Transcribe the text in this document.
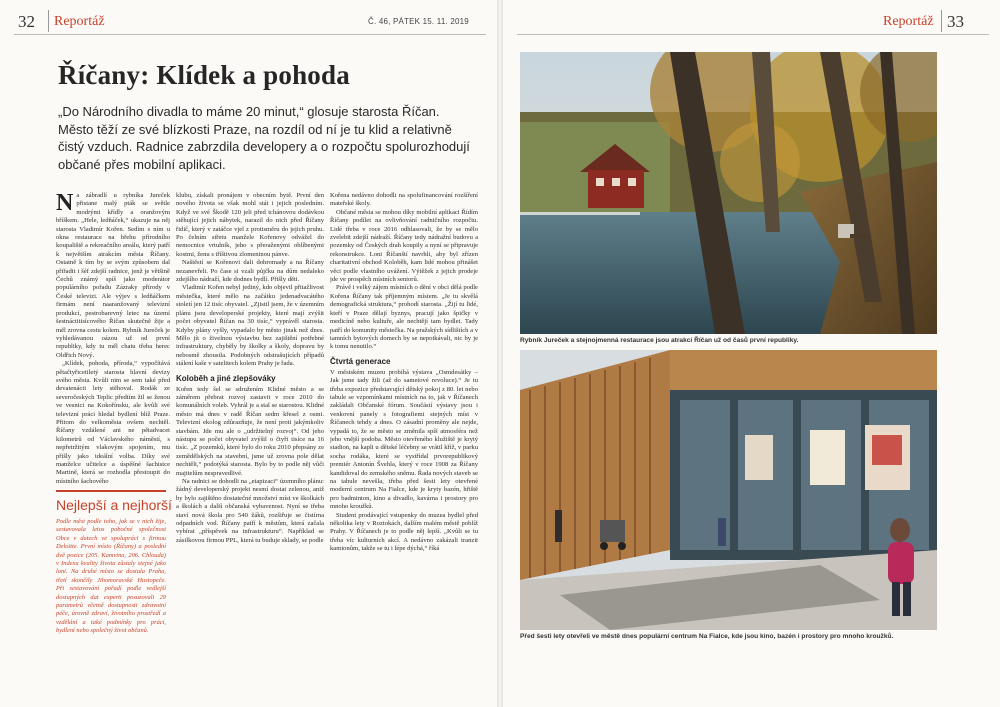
32 Reportáž	Č. 46, PÁTEK 15. 11. 2019
Říčany: Klídek a pohoda

„Do Národního divadla to máme 20 minut,“ glosuje starosta Říčan. Město těží ze své blízkosti Praze, na rozdíl od ní je tu klid a relativně čistý vzduch. Radnice zabrzdila developery a o rozpočtu spolurozhodují občané přes mobilní aplikaci.

Na zábradlí u rybníka Jureček přistane malý pták se světle modrými křídly a oranžovým bříškem. „Hele, ledňáček,“ ukazuje na něj starosta Vladimír Kořen. Sedím s ním u okna restaurace na břehu přírodního koupaliště a rekreačního areálu, který patří k největším atrakcím města Říčany. Ostatně k tím by se svým způsobem dal přiřadit i šéf zdejší radnice, jenž je většině Čechů známý spíš jako moderátor populárního pořadu Zázraky přírody v České televizi. Ale výjev s ledňáčkem firmám není naaranžovaný televizní produkcí, pestrobarevný letec na území šestnáctitisícového Říčan skutečně žije a měl zrovna cestu kolem. Rybník Jureček je vyhledávanou oázou už od první republiky, kdy tu měl chatu třeba herec Oldřich Nový.

„Klídek, pohoda, příroda,“ vypočítává pětačtyřicetiletý starosta hlavní devizy svého města. Kvůli nim se sem také před devatenácti lety stěhoval. Rodák ze severočeských Teplic předtím žil se ženou ve vesnici na Kokořínsku, ale kvůli své televizní práci hledal bydlení blíž Praze. Přitom do velkoměsta ovšem nechtěl. Říčany vzdálené ani ne pětadvacet kilometrů od Václavského náměstí, s nepřetržitým vlakovým spojením, mu přišly jako ideální volba. Díky své manželce učitelce a úspěšné šachistce Martině, která se rozhodla přestoupit do místního šachového

Nejlepší a nejhorší
Podle měst podle toho, jak se v nich žije, sestavovala letos pobočné společnost Obce v datech ve spolupráci s firmou Deloitte. První místo (Říčany) a poslední dvě pozice (205. Kamvina, 206. Chlouda) v Indexu kvality života zůstaly stejné jako loni. Na druhé místo se dostala Praha, třetí skončily Jihomoravské Hustopeče. Při sestavování pořadí podle vedlejší dostupných dat experti posuzovali 29 parametrů včetně dostupnosti zdravotní péče, úrovně zdraví, životního prostředí a vzdělání a také podmínky pro práci, bydlení nebo společný život občanů.

klubu, získali pronájem v obecním bytě. První den nového života se však mohl stát i jejich posledním. Když ve své Škodě 120 jeli před tchánovou dodávkou stěhující jejich nábytek, narazil do nich před Říčany řidič, který v zatáčce vjel z protisměru do jejich pruhu. Po čelním střetu manžele Kořenovy odvážel do nemocnice vrtulník, jeho s přeraženými oblíbenými kostmi, ženu s tříštivou zlomeninou pánve.

Naštěstí se Kořenovi dali dohromady a na Říčany nezanevřeli. Po čase si vzali půjčku na dům nedaleko zdejšího nádraží, kde dodnes bydlí. Přišly děti.

Vladimír Kořen nebyl jediný, kdo objevil přitažlivost městečka, které mělo na začátku jedenadvacátého století jen 12 tisíc obyvatel. „Zjistil jsem, že v územním plánu jsou developerské projekty, které mají zvýšit počet obyvatel Říčan na 30 tisíc,“ vyprávěl starosta. Kdyby plány vyšly, vypadalo by město jinak než dnes. Mělo jít o živelnou výstavbu bez zajištění potřebné infrastruktury, chyběly by školky a školy, dopravu by nebosmě zhoustla. Podobných odstrašujících případů stálení kaše v satelitech kolem Prahy je řada.

Koloběh a jiné zlepšováky

Kořen tedy šel se sdružením Klidné město a se záměrem přebrat rozvoj zastavit v roce 2010 do komunálních voleb. Vyhrál je a stal se starostou. Klidné město má dnes v radě Říčan sedm křesel z osmi. Televizní ekolog zdůrazňuje, že není proti jakýmkoliv stavbám. Jde mu ale o „udržitelný rozvoj“. Od jeho nástupu se počet obyvatel zvýšil o čtyři tisíce na 16 tisíc. „Z pozemků, které bylo do roku 2010 přepsány ze zemědělských na stavební, jsme už zrovna pole dělat nechtěli,“ podotýká starosta. Bylo by to podle něj vůči majitelům nespravedlivé.

Na radnici se dohodli na „etapizaci“ územního plánu: žádný developerský projekt nesmí dostat zelenou, aniž by bylo zajištěno dostatečné množství míst ve školkách a školách a další občanská vybavenost. Nyní se třeba staví nová škola pro 540 žáků, rozšiřuje se čistírna odpadních vod. Říčany patří k městům, která začala vybírat „příspěvek na infrastrukturu“. Například se zásilkovou firmou PPL, která tu buduje sklady, se podle

Kořena nedávno dohodli na spolufinancování rozšíření mateřské školy.

Občané města se mohou díky mobilní aplikaci Řídím Říčany podílet na ovlivňování radničního rozpočtu. Lidé třeba v roce 2016 odhlasovali, že by se mělo zvelebit zdejší nádraží. Říčany tedy nádražní budovu a pozemky od Českých drah koupily a nyní se připravuje rekonstrukce. Loni Říčanští navrhli, aby byl zřízen charitativní obchod Koloběh, kam lidé mohou přinášet věci podle vlastního uvážení. Výtěžek z jejich prodeje jde ve prospěch místních seniorů.

Právě i velký zájem místních o dění v obci dělá podle Kořena Říčany tak příjemným místem. „Je tu skvělá demografická struktura,“ prohodí starosta. „Žijí tu lidé, kteří v Praze dělají byznys, pracují jako špičky v medicíně nebo kultuře, ale nechtějí tam bydlet. Tady patří do komunity městečka. Na pražských sídlištích a v tamních bytových domech by se nepotkávali, nic by je k tomu nenutilo.“

Čtvrtá generace

V městském muzeu probíhá výstava „Osmdesátky – Jak jsme tady žili (až do sametové revoluce).“ Je tu třeba expozice představující dětský pokoj z 80. let nebo tabule se vzpomínkami místních na to, jak v Říčanech zakládali Občanské fórum. Součástí výstavy jsou i venkovní panely s fotografiemi stejných míst v Říčanech tehdy a dnes. O zásadní proměny ale nejde, vypadá to, že se město se změnila spíš atmosféra než jeho vnější podoba. Město otevřeného klužiště je krytý stadion, na kapli u dětské léčebny se vrátil kříž, v parku socha rodáka, které se vystřídal prvorepublikový premiér Antonín Švehla, který v roce 1908 za Říčany kandidoval do zemského sněmu. Řada nových staveb se na tabule nevešla, třeba před šesti lety otevřené moderní centrum Na Fialce, kde je kryty bazén, hřiště pro badminton, kino a divadlo, kavárna i prostory pro mnoho kroužků.

Student prodávající vstupenky do muzea bydlel před několika lety v Roztokách, dalším malém městě poblíž Prahy. V Říčanech je to podle něj lepší. „Kvůli se tu třeba víc kulturních akcí. A nedávno zakázali tranzit kamionům, takže se tu i lépe dýchá,“ říká

Reportáž 33
Rybník Jureček a stejnojmenná restaurace jsou atrakcí Říčan už od časů první republiky.
Před šesti lety otevřeli ve městě dnes populární centrum Na Fialce, kde jsou kino, bazén i prostory pro mnoho kroužků.
